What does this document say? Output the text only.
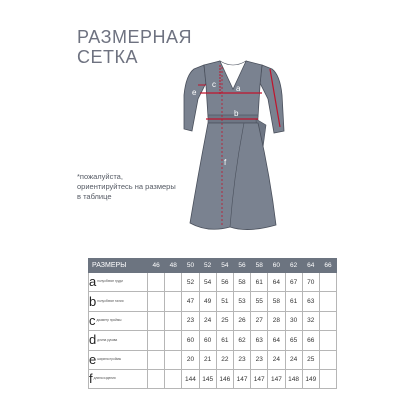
РАЗМЕРНАЯ
СЕТКА
*пожалуйста, ориентируйтесь на размеры в таблице
a
b
c
d
e
f
РАЗМЕРЫ	46	48	50	52	54	56	58	60	62	64	66
aполуобхват груди			52	54	56	58	61	64	67	70	
bполуобхват талии			47	49	51	53	55	58	61	63	
cдиаметр проймы			23	24	25	26	27	28	30	32	
dдлина рукава			60	60	61	62	63	64	65	66	
eширина проймы			20	21	22	23	23	24	24	25	
fдлина изделия			144	145	146	147	147	147	148	149	
